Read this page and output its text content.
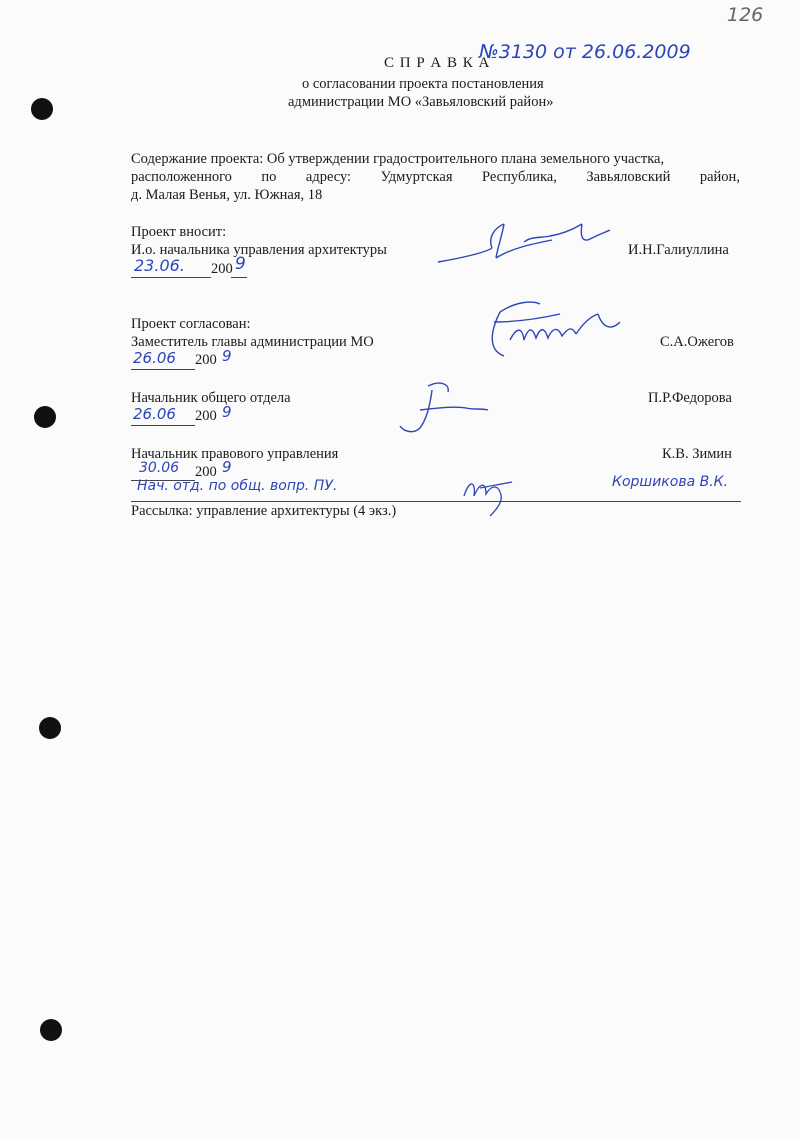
126
С П Р А В К А
№3130 от 26.06.2009
о согласовании проекта постановления
администрации МО «Завьяловский район»
Содержание проекта: Об утверждении градостроительного плана земельного участка,
расположенного по адресу: Удмуртская Республика, Завьяловский район,
д. Малая Венья, ул. Южная, 18
Проект вносит:
И.о. начальника управления архитектуры	И.Н.Галиуллина
23.06. 200 9
Проект согласован:
Заместитель главы администрации МО	С.А.Ожегов
26.06 200 9
Начальник общего отдела	П.Р.Федорова
26.06 200 9
Начальник правового управления	К.В. Зимин
30.06 200 9
Нач. отд. по общ. вопр. ПУ.	Коршикова В.К.
Рассылка: управление архитектуры (4 экз.)
